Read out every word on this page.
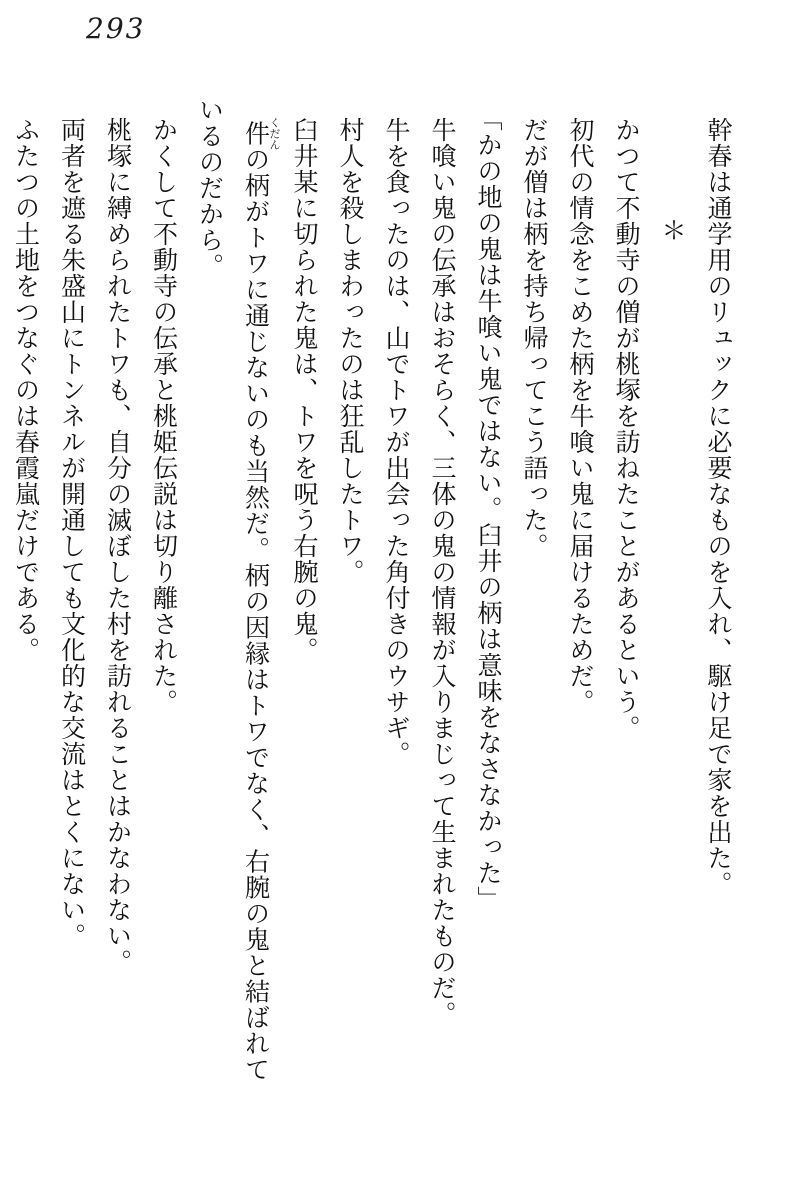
293

幹春は通学用のリュックに必要なものを入れ、駆け足で家を出た。

＊

かつて不動寺の僧が桃塚を訪ねたことがあるという。

初代の情念をこめた柄を牛喰い鬼に届けるためだ。

だが僧は柄を持ち帰ってこう語った。

「かの地の鬼は牛喰い鬼ではない。臼井の柄は意味をなさなかった」

牛喰い鬼の伝承はおそらく、三体の鬼の情報が入りまじって生まれたものだ。

牛を食ったのは、山でトワが出会った角付きのウサギ。

村人を殺しまわったのは狂乱したトワ。

臼井某に切られた鬼は、トワを呪う右腕の鬼。

件 くだんの柄がトワに通じないのも当然だ。柄の因縁はトワでなく、右腕の鬼と結ばれて

いるのだから。

かくして不動寺の伝承と桃姫伝説は切り離された。

桃塚に縛められたトワも、自分の滅ぼした村を訪れることはかなわない。

両者を遮る朱盛山にトンネルが開通しても文化的な交流はとくにない。

ふたつの土地をつなぐのは春霞嵐だけである。
